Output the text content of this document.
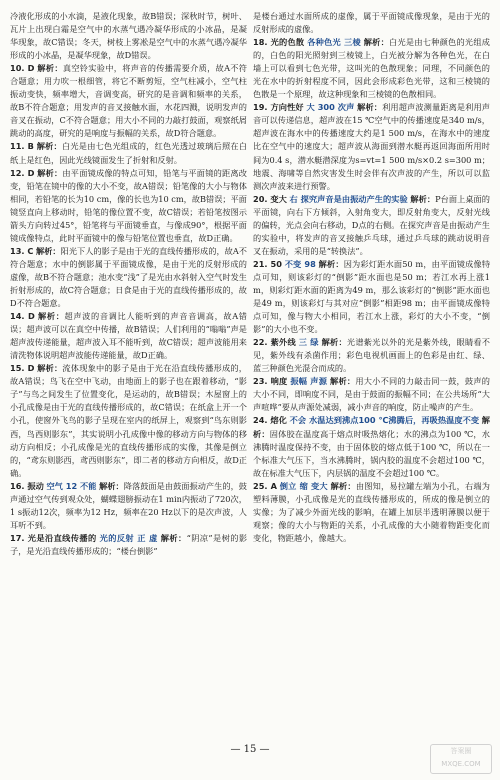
冷液化形成的小水滴，是液化现象，故B错误；深秋时节，树叶、瓦片上出现白霜是空气中的水蒸气遇冷凝华形成的小冰晶，是凝华现象，故C错误；冬天，树枝上雾凇是空气中的水蒸气遇冷凝华形成的小冰晶，是凝华现象，故D错误。
10. D 解析：真空铃实验中，将声音的传播需要介质，故A不符合题意；用力吹一根细管，将它不断剪短，空气柱减小，空气柱振动变快，频率增大，音调变高，研究的是音调和频率的关系，故B不符合题意；用发声的音叉接触水面，水花四溅，说明发声的音叉在振动，C不符合题意；用大小不同的力敲打鼓面，观察纸屑跳动的高度，研究的是响度与振幅的关系，故D符合题意。
11. B 解析：白光是由七色光组成的，红色光透过玻璃后照在白纸上是红色，因此光线镜面发生了折射和反射。
12. D 解析：由平面镜成像的特点可知，铅笔与平面镜的距离改变，铅笔在镜中的像的大小不变，故A错误；铅笔像的大小与物体相同，若铅笔的长为10 cm，像的长也为10 cm，故B错误；平面镜竖直向上移动时，铅笔的像位置不变，故C错误；若铅笔按图示箭头方向转过45°，铅笔将与平面镜垂直，与像成90°，根据平面镜成像特点，此时平面镜中的像与铅笔位置也垂直，故D正确。
13. C 解析：阳光下人的影子是由于光的直线传播形成的，故A不符合题意；水中的倒影属于平面镜成像，是由于光的反射形成的虚像，故B不符合题意；池水变“浅”了是光由水斜射入空气时发生折射形成的，故C符合题意；日食是由于光的直线传播形成的，故D不符合题意。
14. D 解析：超声波的音调比人能听到的声音音调高，故A错误；超声波可以在真空中传播，故B错误；人们利用的“嗡嗡”声是超声波传递能量，超声波入耳不能听到，故C错误；超声波能用来清洗物体说明超声波能传递能量，故D正确。
15. D 解析：流体现象中的影子是由于光在沿直线传播形成的，故A错误；鸟飞在空中飞动，由地面上的影子也在跟着移动，“影子”与鸟之间发生了位置变化，是运动的，故B错误；木屋窗上的小孔成像是由于光的直线传播形成的，故C错误；在纸盒上开一个小孔，使窗外飞鸟的影子呈现在室内的纸屏上，观察到“鸟东则影西，鸟西则影东”，其实说明小孔成像中像的移动方向与物体的移动方向相反；小孔成像是光的直线传播形成的实像，其像是倒立的，“鸢东则影西，鸢西则影东”，即二者的移动方向相反，故D正确。
16. 振动 空气 12 不能 解析：降落鼓面是由鼓面振动产生的，鼓声通过空气传到观众处，蝴蝶翅膀振动在1 min内振动了720次，1 s振动12次，频率为12 Hz，频率在20 Hz以下的是次声波，人耳听不到。
17. 光是沿直线传播的 光的反射 正 虚 解析：“阴凉”是树的影子，是光沿直线传播形成的；“楼台倒影”
是楼台通过水面所成的虚像，属于平面镜成像现象，是由于光的反射形成的虚像。
18. 光的色散 各种色光 三棱 解析：白光是由七种颜色的光组成的，白色的阳光照射到三棱镜上，白光被分解为各种色光，在白墙上可以看到七色光带，这叫光的色散现象；同理，不同颜色的光在水中的折射程度不同，因此会形成彩色光带，这和三棱镜的色散是一个原理，故这种现象和三棱镜的色散相同。
19. 方向性好 大 300 次声 解析：利用超声波测量距离是利用声音可以传递信息，超声波在15 ℃空气中的传播速度是340 m/s，超声波在海水中的传播速度大约是1 500 m/s，在海水中的速度比在空气中的速度大；超声波从海面到潜水艇再返回海面所用时间为0.4 s，潜水艇潜深度为s=vt=1 500 m/s×0.2 s=300 m；地震、海啸等自然灾害发生时会伴有次声波的产生，所以可以监测次声波来进行预警。
20. 变大 右 探究声音是由振动产生的实验 解析：P台面上桌面的平面镜，向右下方倾斜，入射角变大，即反射角变大，反射光线的偏转，光点会向右移动，D点的右侧。在探究声音是由振动产生的实验中，将发声的音叉接触乒乓球，通过乒乓球的跳动说明音叉在振动，采用的是“转换法”。
21. 50 不变 98 解析：因为彩灯距水面50 m，由平面镜成像特点可知，则该彩灯的“倒影”距水面也是50 m；若江水再上涨1 m，则彩灯距水面的距离为49 m，那么该彩灯的“倒影”距水面也是49 m，则该彩灯与其对应“倒影”相距98 m；由平面镜成像特点可知，像与物大小相同，若江水上涨，彩灯的大小不变，“倒影”的大小也不变。
22. 紫外线 三 绿 解析：光谱紫光以外的光是紫外线，眼睛看不见，紫外线有杀菌作用；彩色电视机画面上的色彩是由红、绿、蓝三种颜色光混合而成的。
23. 响度 振幅 声源 解析：用大小不同的力敲击同一鼓，鼓声的大小不同，即响度不同，是由于鼓面的振幅不同；在公共场所“大声喧哗”要从声源处减弱，减小声音的响度，防止噪声的产生。
24. 熔化 不会 水温达到沸点100 ℃沸腾后，再吸热温度不变 解析：固体胶在温度高于熔点时吸热熔化；水的沸点为100 ℃，水沸腾时温度保持不变，由于固体胶的熔点低于100 ℃，所以在一个标准大气压下，当水沸腾时，锅内胶的温度不会超过100 ℃，故在标准大气压下，内层锅的温度不会超过100 ℃。
25. A 倒立 缩 变大 解析：由图知，易拉罐左端为小孔，右端为塑料薄膜，小孔成像是光的直线传播形成的，所成的像是倒立的实像；为了减少外面光线的影响，在罐上加层半透明薄膜以便于观察；像的大小与物距的关系，小孔成像的大小随着物距变化而变化，物距越小，像越大。
— 15 —	答案圈 MXQE.COM
